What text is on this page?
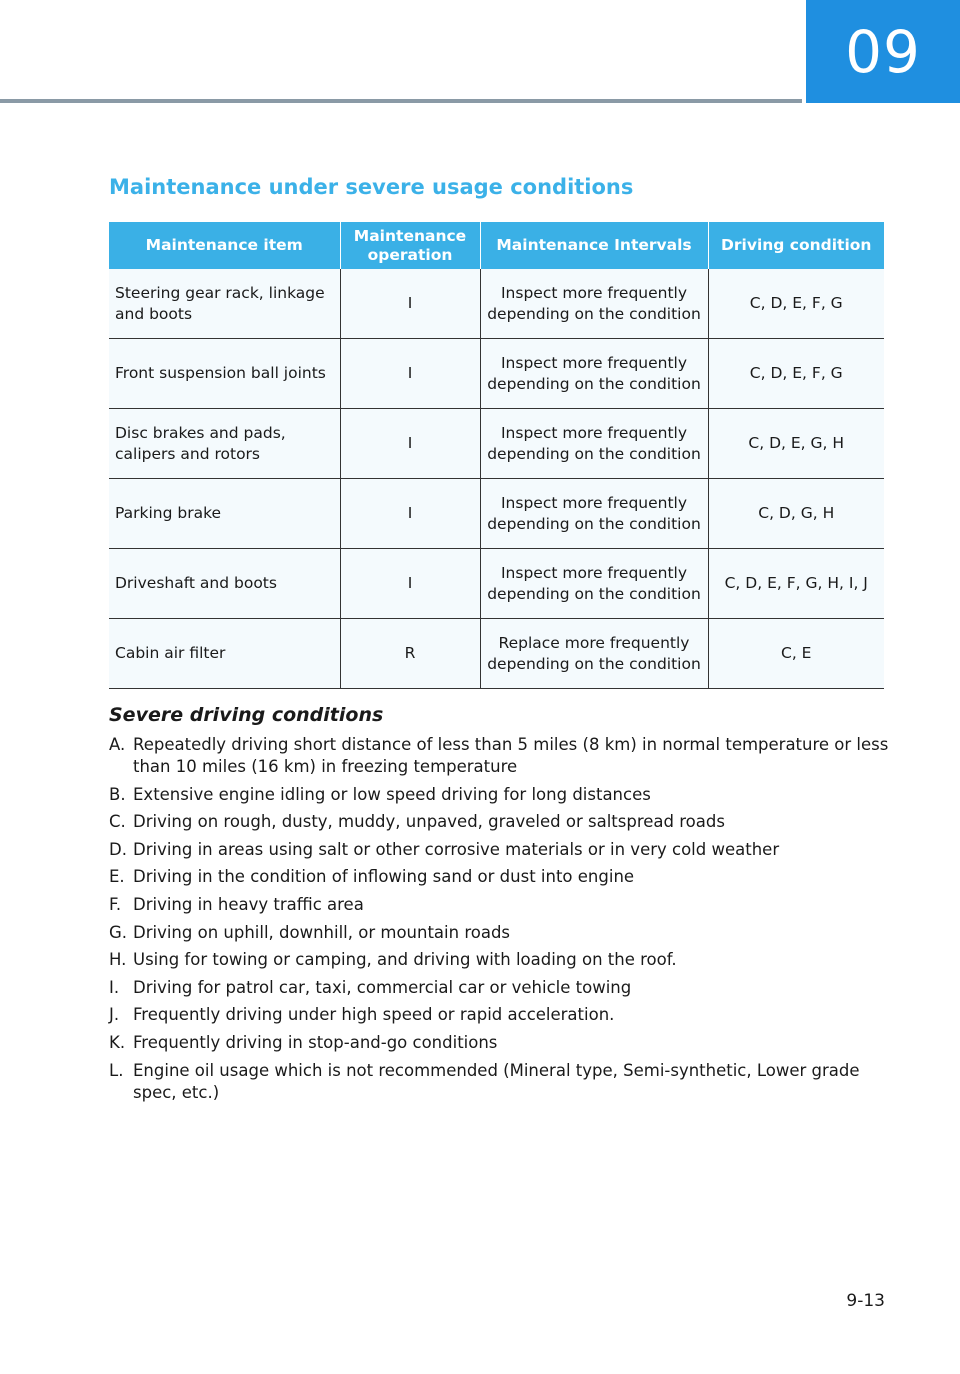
09
Maintenance under severe usage conditions
Maintenance item	Maintenance operation	Maintenance Intervals	Driving condition
Steering gear rack, linkage and boots	I	Inspect more frequently depending on the condition	C, D, E, F, G
Front suspension ball joints	I	Inspect more frequently depending on the condition	C, D, E, F, G
Disc brakes and pads, calipers and rotors	I	Inspect more frequently depending on the condition	C, D, E, G, H
Parking brake	I	Inspect more frequently depending on the condition	C, D, G, H
Driveshaft and boots	I	Inspect more frequently depending on the condition	C, D, E, F, G, H, I, J
Cabin air filter	R	Replace more frequently depending on the condition	C, E
Severe driving conditions
A. Repeatedly driving short distance of less than 5 miles (8 km) in normal temperature or less than 10 miles (16 km) in freezing temperature
B. Extensive engine idling or low speed driving for long distances
C. Driving on rough, dusty, muddy, unpaved, graveled or saltspread roads
D. Driving in areas using salt or other corrosive materials or in very cold weather
E. Driving in the condition of inflowing sand or dust into engine
F. Driving in heavy traffic area
G. Driving on uphill, downhill, or mountain roads
H. Using for towing or camping, and driving with loading on the roof.
I. Driving for patrol car, taxi, commercial car or vehicle towing
J. Frequently driving under high speed or rapid acceleration.
K. Frequently driving in stop-and-go conditions
L. Engine oil usage which is not recommended (Mineral type, Semi-synthetic, Lower grade spec, etc.)
9-13
